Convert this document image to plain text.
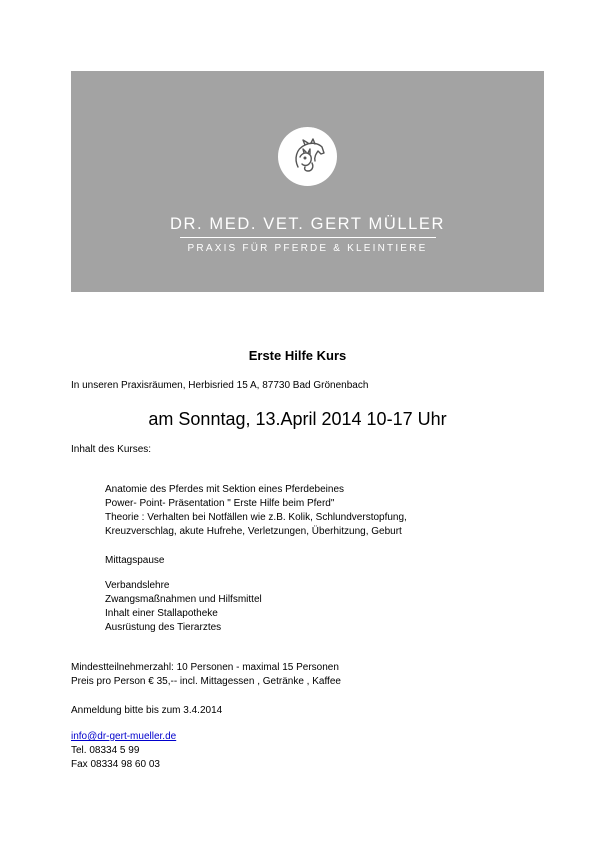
DR. MED. VET. GERT MÜLLER
PRAXIS FÜR PFERDE & KLEINTIERE
Erste Hilfe Kurs
In unseren Praxisräumen, Herbisried 15 A, 87730 Bad Grönenbach
am Sonntag, 13.April 2014 10-17 Uhr
Inhalt des Kurses:
Anatomie des Pferdes mit Sektion eines Pferdebeines
Power- Point- Präsentation " Erste Hilfe beim Pferd"
Theorie : Verhalten bei Notfällen wie z.B. Kolik, Schlundverstopfung,
Kreuzverschlag, akute Hufrehe, Verletzungen, Überhitzung, Geburt
Mittagspause
Verbandslehre
Zwangsmaßnahmen und Hilfsmittel
Inhalt einer Stallapotheke
Ausrüstung des Tierarztes
Mindestteilnehmerzahl: 10 Personen - maximal 15 Personen
Preis pro Person € 35,-- incl. Mittagessen , Getränke , Kaffee
Anmeldung bitte bis zum 3.4.2014
info@dr-gert-mueller.de
Tel. 08334 5 99
Fax 08334 98 60 03
